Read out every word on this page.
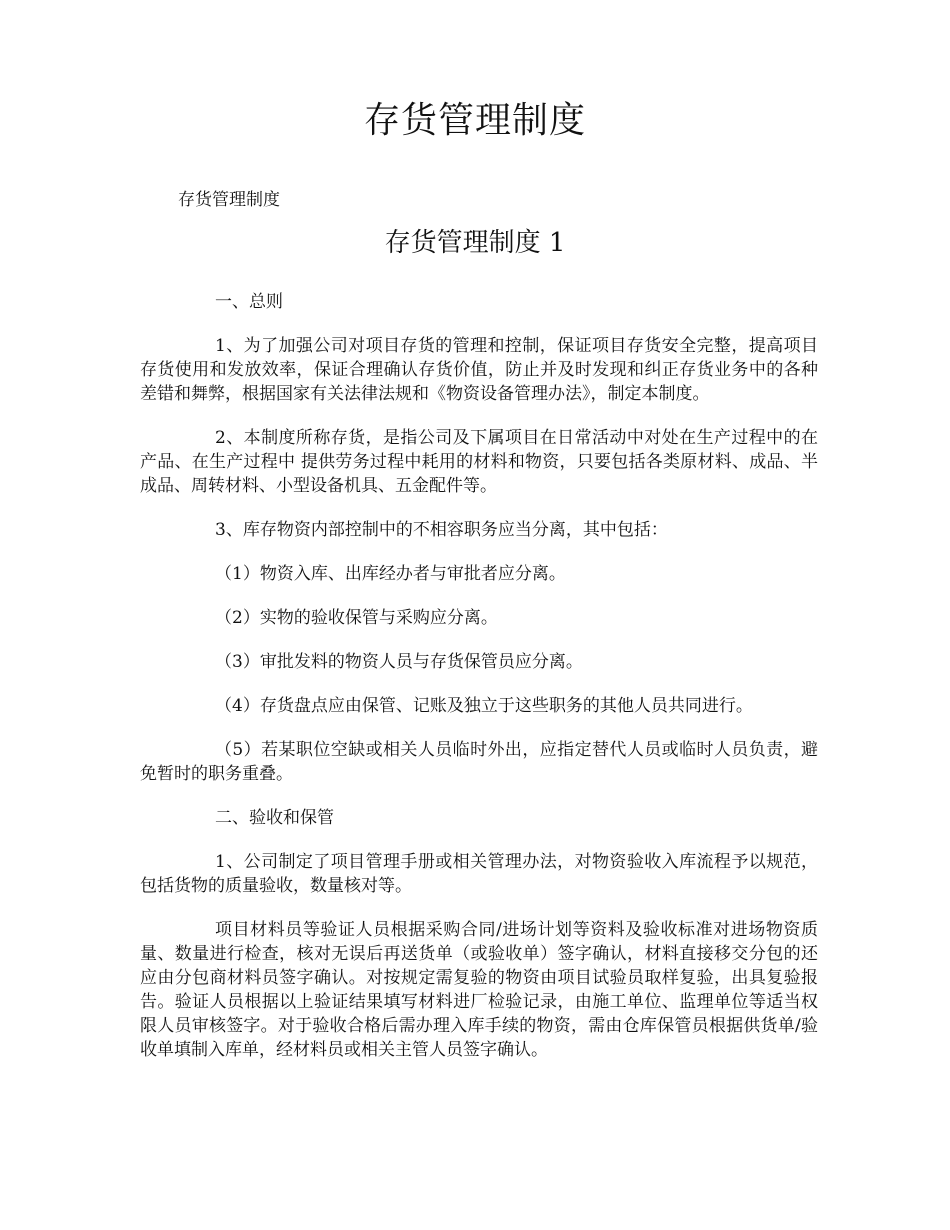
存货管理制度

存货管理制度

存货管理制度 1

一、总则

1、为了加强公司对项目存货的管理和控制，保证项目存货安全完整，提高项目存货使用和发放效率，保证合理确认存货价值，防止并及时发现和纠正存货业务中的各种差错和舞弊，根据国家有关法律法规和《物资设备管理办法》，制定本制度。

2、本制度所称存货，是指公司及下属项目在日常活动中对处在生产过程中的在产品、在生产过程中 提供劳务过程中耗用的材料和物资，只要包括各类原材料、成品、半成品、周转材料、小型设备机具、五金配件等。

3、库存物资内部控制中的不相容职务应当分离，其中包括：

（1）物资入库、出库经办者与审批者应分离。

（2）实物的验收保管与采购应分离。

（3）审批发料的物资人员与存货保管员应分离。

（4）存货盘点应由保管、记账及独立于这些职务的其他人员共同进行。

（5）若某职位空缺或相关人员临时外出，应指定替代人员或临时人员负责，避免暂时的职务重叠。

二、验收和保管

1、公司制定了项目管理手册或相关管理办法，对物资验收入库流程予以规范，包括货物的质量验收，数量核对等。

项目材料员等验证人员根据采购合同/进场计划等资料及验收标准对进场物资质量、数量进行检查，核对无误后再送货单（或验收单）签字确认，材料直接移交分包的还应由分包商材料员签字确认。对按规定需复验的物资由项目试验员取样复验，出具复验报告。验证人员根据以上验证结果填写材料进厂检验记录，由施工单位、监理单位等适当权限人员审核签字。对于验收合格后需办理入库手续的物资，需由仓库保管员根据供货单/验收单填制入库单，经材料员或相关主管人员签字确认。
